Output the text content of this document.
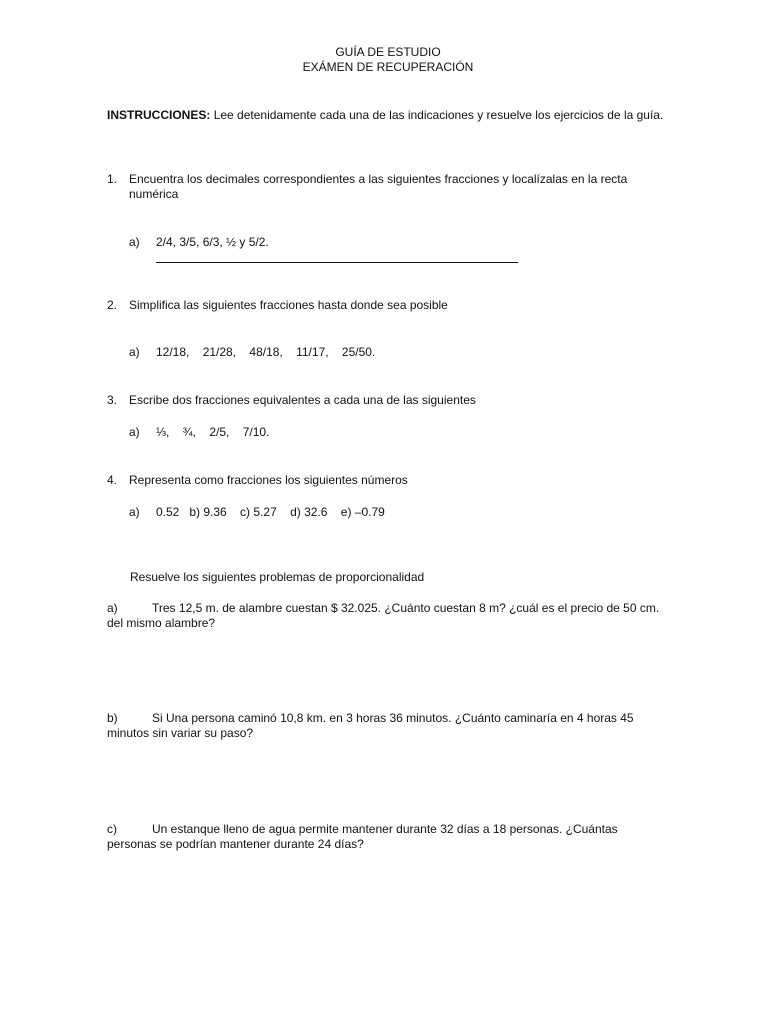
GUÍA DE ESTUDIO
EXÁMEN DE RECUPERACIÓN
INSTRUCCIONES: Lee detenidamente cada una de las indicaciones y resuelve los ejercicios de la guía.
1. Encuentra los decimales correspondientes a las siguientes fracciones y localízalas en la recta numérica
a) 2/4, 3/5, 6/3, ½ y 5/2.
2. Simplifica las siguientes fracciones hasta donde sea posible
a) 12/18,    21/28,    48/18,    11/17,    25/50.
3. Escribe dos fracciones equivalentes a cada una de las siguientes
a) ⅓,    ¾,    2/5,    7/10.
4. Representa como fracciones los siguientes números
a) 0.52   b) 9.36    c) 5.27    d) 32.6    e) –0.79
Resuelve los siguientes problemas de proporcionalidad
a)	Tres 12,5 m. de alambre cuestan $ 32.025. ¿Cuánto cuestan 8 m? ¿cuál es el precio de 50 cm. del mismo alambre?
b)	Si Una persona caminó 10,8 km. en 3 horas 36 minutos. ¿Cuánto caminaría en 4 horas 45 minutos sin variar su paso?
c)	Un estanque lleno de agua permite mantener durante 32 días a 18 personas. ¿Cuántas personas se podrían mantener durante 24 días?
